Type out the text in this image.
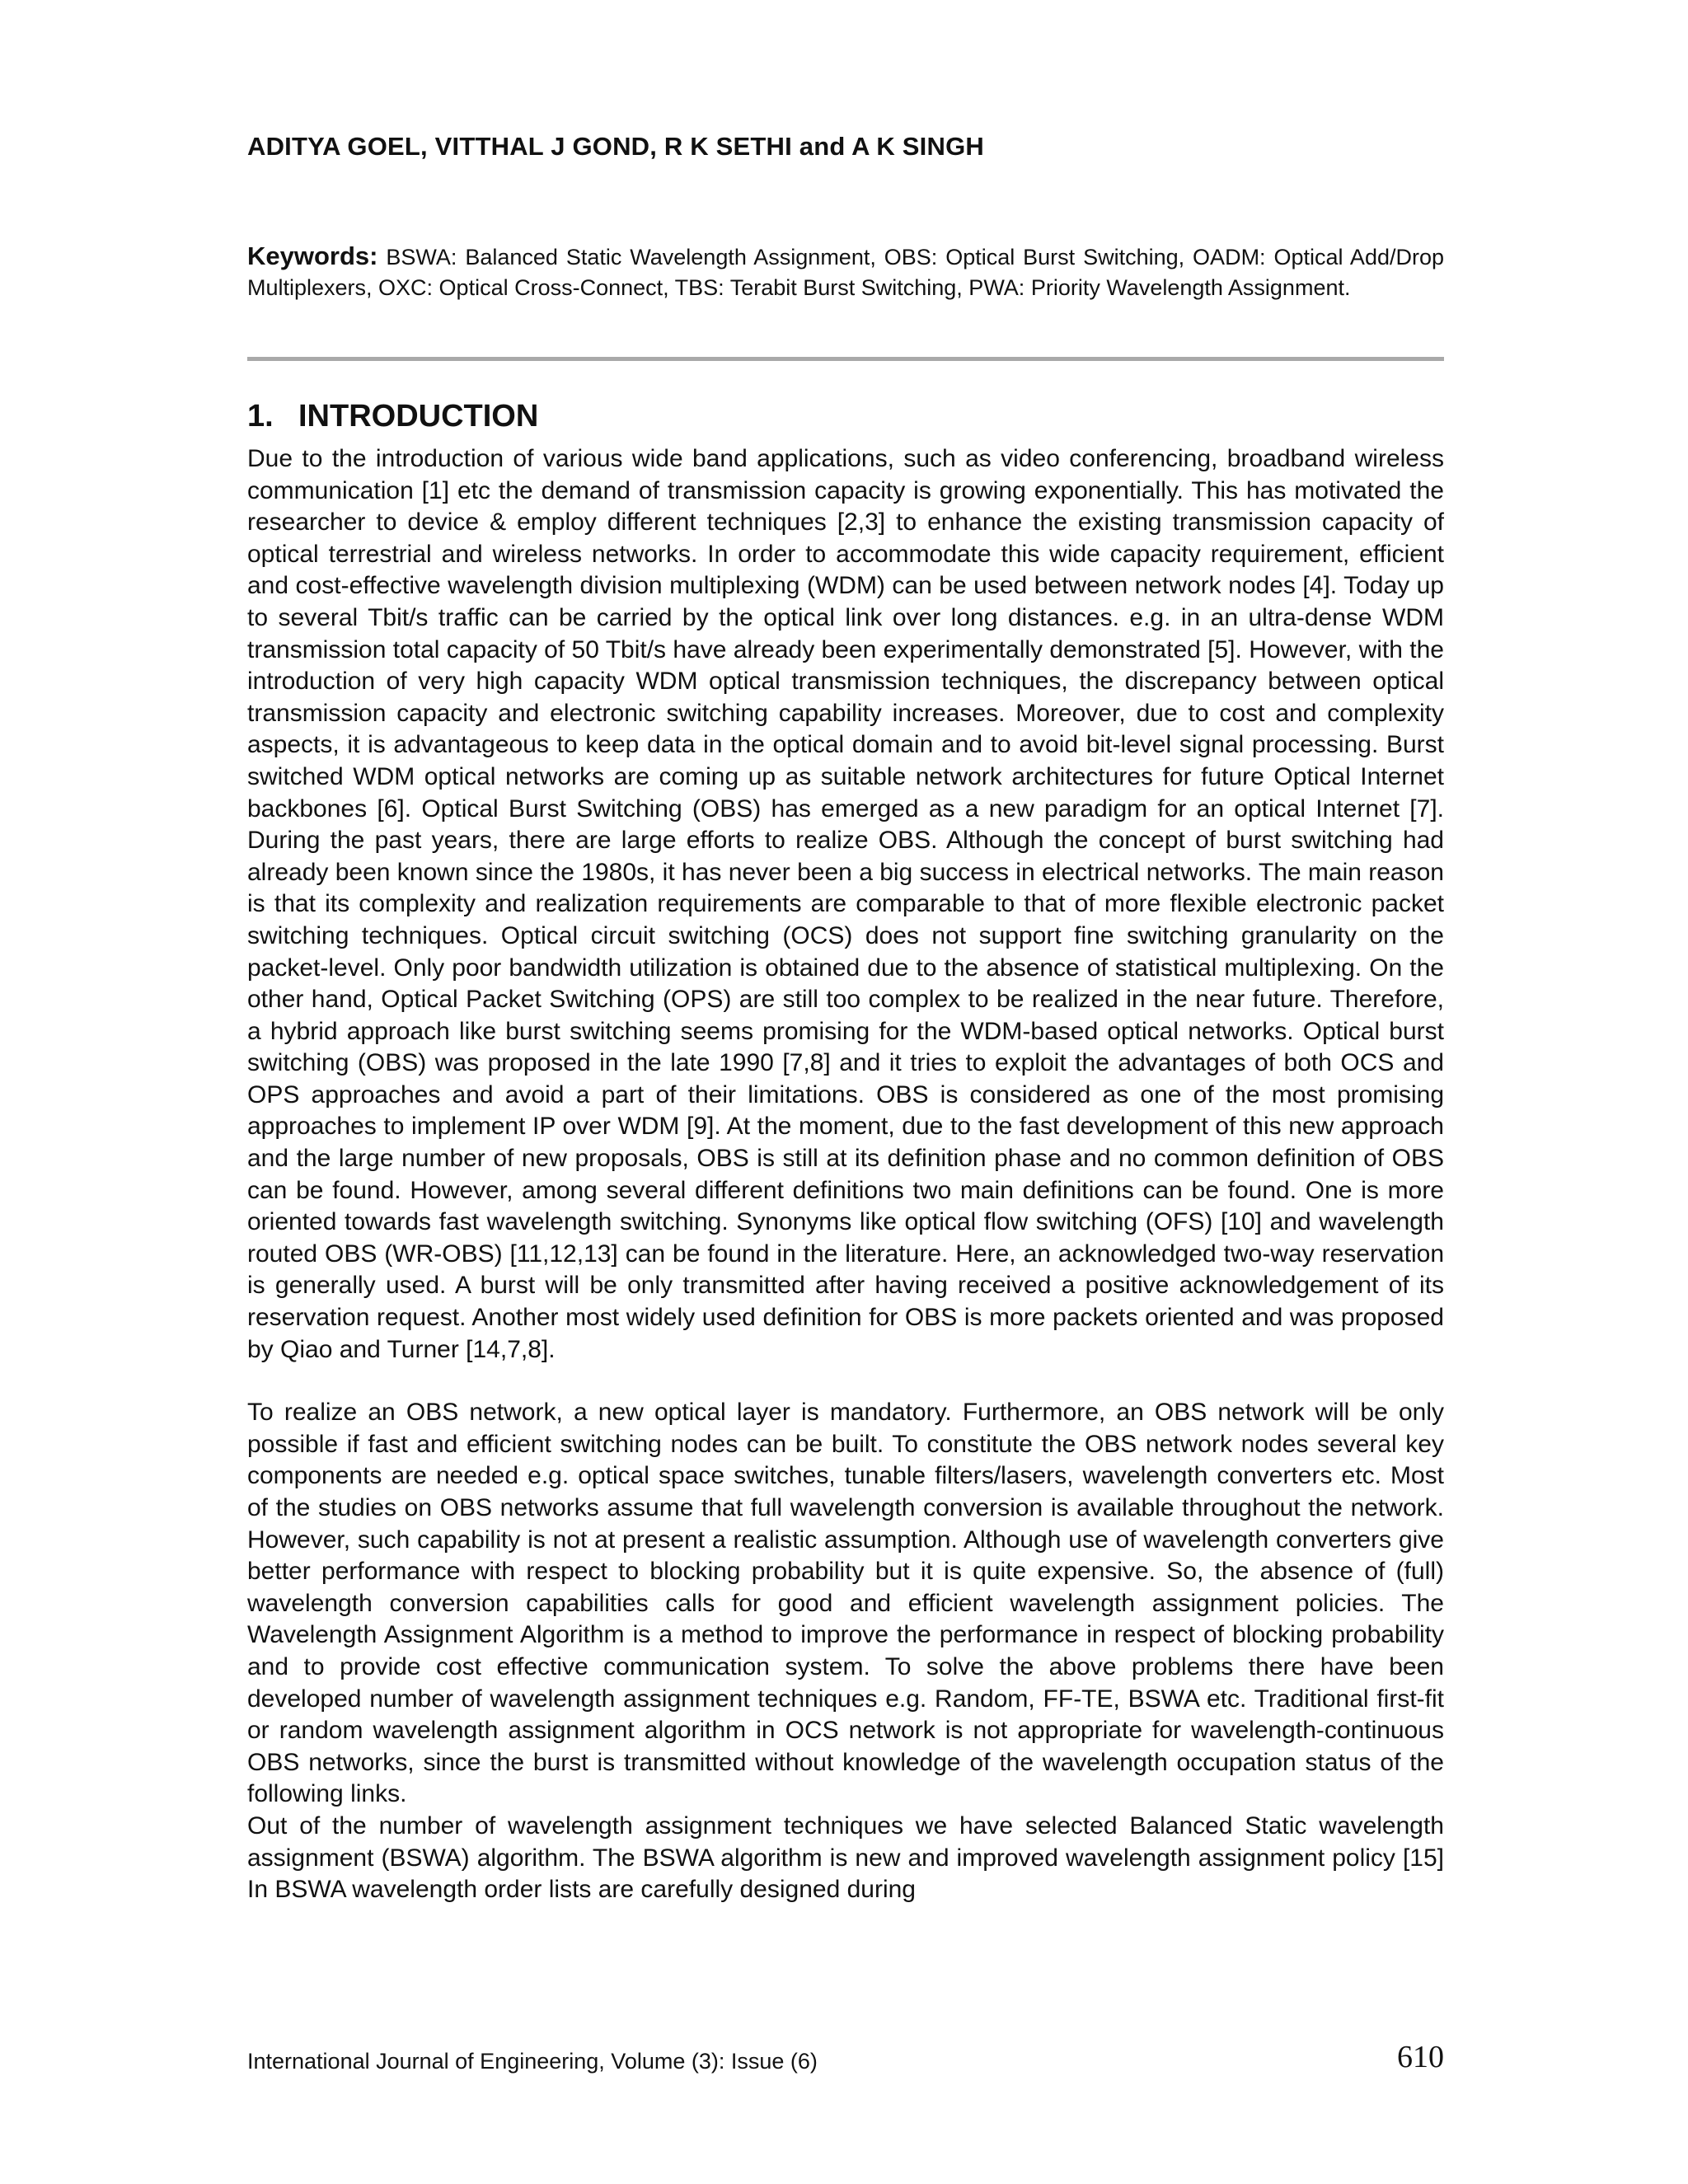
ADITYA GOEL, VITTHAL J GOND, R K SETHI and A K SINGH
Keywords: BSWA: Balanced Static Wavelength Assignment, OBS: Optical Burst Switching, OADM: Optical Add/Drop Multiplexers, OXC: Optical Cross-Connect, TBS: Terabit Burst Switching, PWA: Priority Wavelength Assignment.
1. INTRODUCTION

Due to the introduction of various wide band applications, such as video conferencing, broadband wireless communication [1] etc the demand of transmission capacity is growing exponentially. This has motivated the researcher to device & employ different techniques [2,3] to enhance the existing transmission capacity of optical terrestrial and wireless networks. In order to accommodate this wide capacity requirement, efficient and cost-effective wavelength division multiplexing (WDM) can be used between network nodes [4]. Today up to several Tbit/s traffic can be carried by the optical link over long distances. e.g. in an ultra-dense WDM transmission total capacity of 50 Tbit/s have already been experimentally demonstrated [5]. However, with the introduction of very high capacity WDM optical transmission techniques, the discrepancy between optical transmission capacity and electronic switching capability increases. Moreover, due to cost and complexity aspects, it is advantageous to keep data in the optical domain and to avoid bit-level signal processing. Burst switched WDM optical networks are coming up as suitable network architectures for future Optical Internet backbones [6]. Optical Burst Switching (OBS) has emerged as a new paradigm for an optical Internet [7]. During the past years, there are large efforts to realize OBS. Although the concept of burst switching had already been known since the 1980s, it has never been a big success in electrical networks. The main reason is that its complexity and realization requirements are comparable to that of more flexible electronic packet switching techniques. Optical circuit switching (OCS) does not support fine switching granularity on the packet-level. Only poor bandwidth utilization is obtained due to the absence of statistical multiplexing. On the other hand, Optical Packet Switching (OPS) are still too complex to be realized in the near future. Therefore, a hybrid approach like burst switching seems promising for the WDM-based optical networks. Optical burst switching (OBS) was proposed in the late 1990 [7,8] and it tries to exploit the advantages of both OCS and OPS approaches and avoid a part of their limitations. OBS is considered as one of the most promising approaches to implement IP over WDM [9]. At the moment, due to the fast development of this new approach and the large number of new proposals, OBS is still at its definition phase and no common definition of OBS can be found. However, among several different definitions two main definitions can be found. One is more oriented towards fast wavelength switching. Synonyms like optical flow switching (OFS) [10] and wavelength routed OBS (WR-OBS) [11,12,13] can be found in the literature. Here, an acknowledged two-way reservation is generally used. A burst will be only transmitted after having received a positive acknowledgement of its reservation request. Another most widely used definition for OBS is more packets oriented and was proposed by Qiao and Turner [14,7,8].

To realize an OBS network, a new optical layer is mandatory. Furthermore, an OBS network will be only possible if fast and efficient switching nodes can be built. To constitute the OBS network nodes several key components are needed e.g. optical space switches, tunable filters/lasers, wavelength converters etc. Most of the studies on OBS networks assume that full wavelength conversion is available throughout the network. However, such capability is not at present a realistic assumption. Although use of wavelength converters give better performance with respect to blocking probability but it is quite expensive. So, the absence of (full) wavelength conversion capabilities calls for good and efficient wavelength assignment policies. The Wavelength Assignment Algorithm is a method to improve the performance in respect of blocking probability and to provide cost effective communication system. To solve the above problems there have been developed number of wavelength assignment techniques e.g. Random, FF-TE, BSWA etc. Traditional first-fit or random wavelength assignment algorithm in OCS network is not appropriate for wavelength-continuous OBS networks, since the burst is transmitted without knowledge of the wavelength occupation status of the following links.

Out of the number of wavelength assignment techniques we have selected Balanced Static wavelength assignment (BSWA) algorithm. The BSWA algorithm is new and improved wavelength assignment policy [15] In BSWA wavelength order lists are carefully designed during

International Journal of Engineering, Volume (3): Issue (6)	610
